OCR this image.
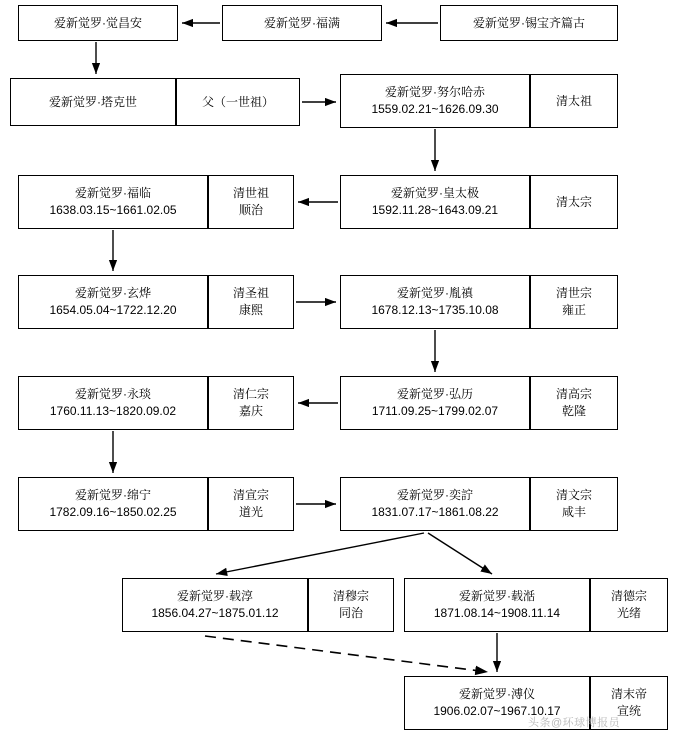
爱新觉罗·觉昌安	爱新觉罗·福满	爱新觉罗·锡宝齐篇古
爱新觉罗·塔克世	父（一世祖）
爱新觉罗·努尔哈赤
1559.02.21~1626.09.30
清太祖
爱新觉罗·福临
1638.03.15~1661.02.05
清世祖
顺治
爱新觉罗·皇太极
1592.11.28~1643.09.21
清太宗
爱新觉罗·玄烨
1654.05.04~1722.12.20
清圣祖
康熙
爱新觉罗·胤禛
1678.12.13~1735.10.08
清世宗
雍正
爱新觉罗·永琰
1760.11.13~1820.09.02
清仁宗
嘉庆
爱新觉罗·弘历
1711.09.25~1799.02.07
清高宗
乾隆
爱新觉罗·绵宁
1782.09.16~1850.02.25
清宣宗
道光
爱新觉罗·奕詝
1831.07.17~1861.08.22
清文宗
咸丰
爱新觉罗·载淳
1856.04.27~1875.01.12
清穆宗
同治
爱新觉罗·载湉
1871.08.14~1908.11.14
清德宗
光绪
爱新觉罗·溥仪
1906.02.07~1967.10.17
清末帝
宣统
头条@环球博报员
